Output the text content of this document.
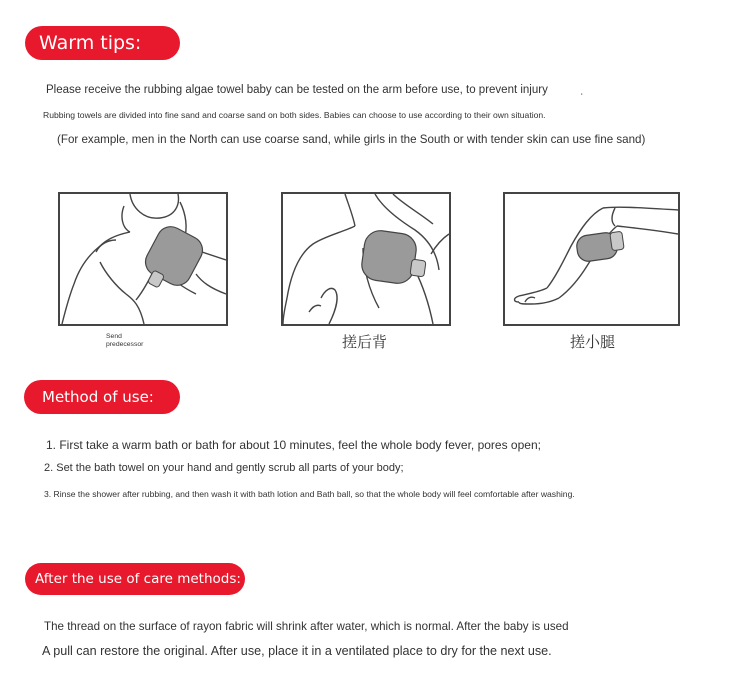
Warm tips:
Please receive the rubbing algae towel baby can be tested on the arm before use, to prevent injury	ˌ
Rubbing towels are divided into fine sand and coarse sand on both sides. Babies can choose to use according to their own situation.
(For example, men in the North can use coarse sand, while girls in the South or with tender skin can use fine sand)
Send predecessor	搓后背	搓小腿
Method of use:
1. First take a warm bath or bath for about 10 minutes, feel the whole body fever, pores open;
2. Set the bath towel on your hand and gently scrub all parts of your body;
3. Rinse the shower after rubbing, and then wash it with bath lotion and Bath ball, so that the whole body will feel comfortable after washing.
After the use of care methods:
The thread on the surface of rayon fabric will shrink after water, which is normal. After the baby is used
A pull can restore the original. After use, place it in a ventilated place to dry for the next use.
